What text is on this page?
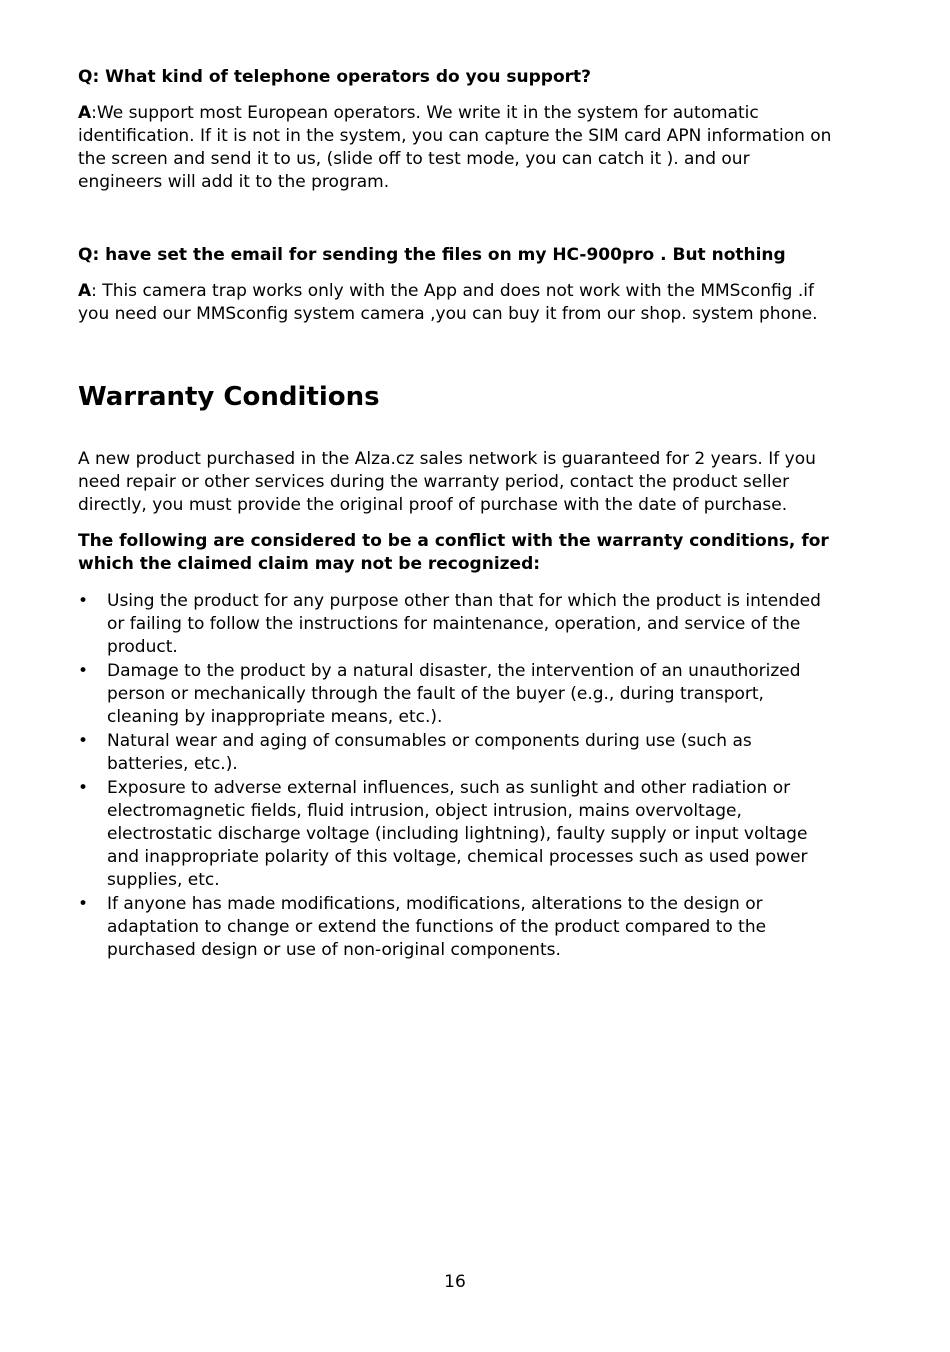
Q: What kind of telephone operators do you support?

A:We support most European operators. We write it in the system for automatic identification. If it is not in the system, you can capture the SIM card APN information on the screen and send it to us, (slide off to test mode, you can catch it ). and our engineers will add it to the program.

Q: have set the email for sending the files on my HC-900pro . But nothing

A: This camera trap works only with the App and does not work with the MMSconfig .if you need our MMSconfig system camera ,you can buy it from our shop. system phone.

Warranty Conditions

A new product purchased in the Alza.cz sales network is guaranteed for 2 years. If you need repair or other services during the warranty period, contact the product seller directly, you must provide the original proof of purchase with the date of purchase.

The following are considered to be a conflict with the warranty conditions, for which the claimed claim may not be recognized:

• Using the product for any purpose other than that for which the product is intended or failing to follow the instructions for maintenance, operation, and service of the product.
• Damage to the product by a natural disaster, the intervention of an unauthorized person or mechanically through the fault of the buyer (e.g., during transport, cleaning by inappropriate means, etc.).
• Natural wear and aging of consumables or components during use (such as batteries, etc.).
• Exposure to adverse external influences, such as sunlight and other radiation or electromagnetic fields, fluid intrusion, object intrusion, mains overvoltage, electrostatic discharge voltage (including lightning), faulty supply or input voltage and inappropriate polarity of this voltage, chemical processes such as used power supplies, etc.
• If anyone has made modifications, modifications, alterations to the design or adaptation to change or extend the functions of the product compared to the purchased design or use of non-original components.
16
